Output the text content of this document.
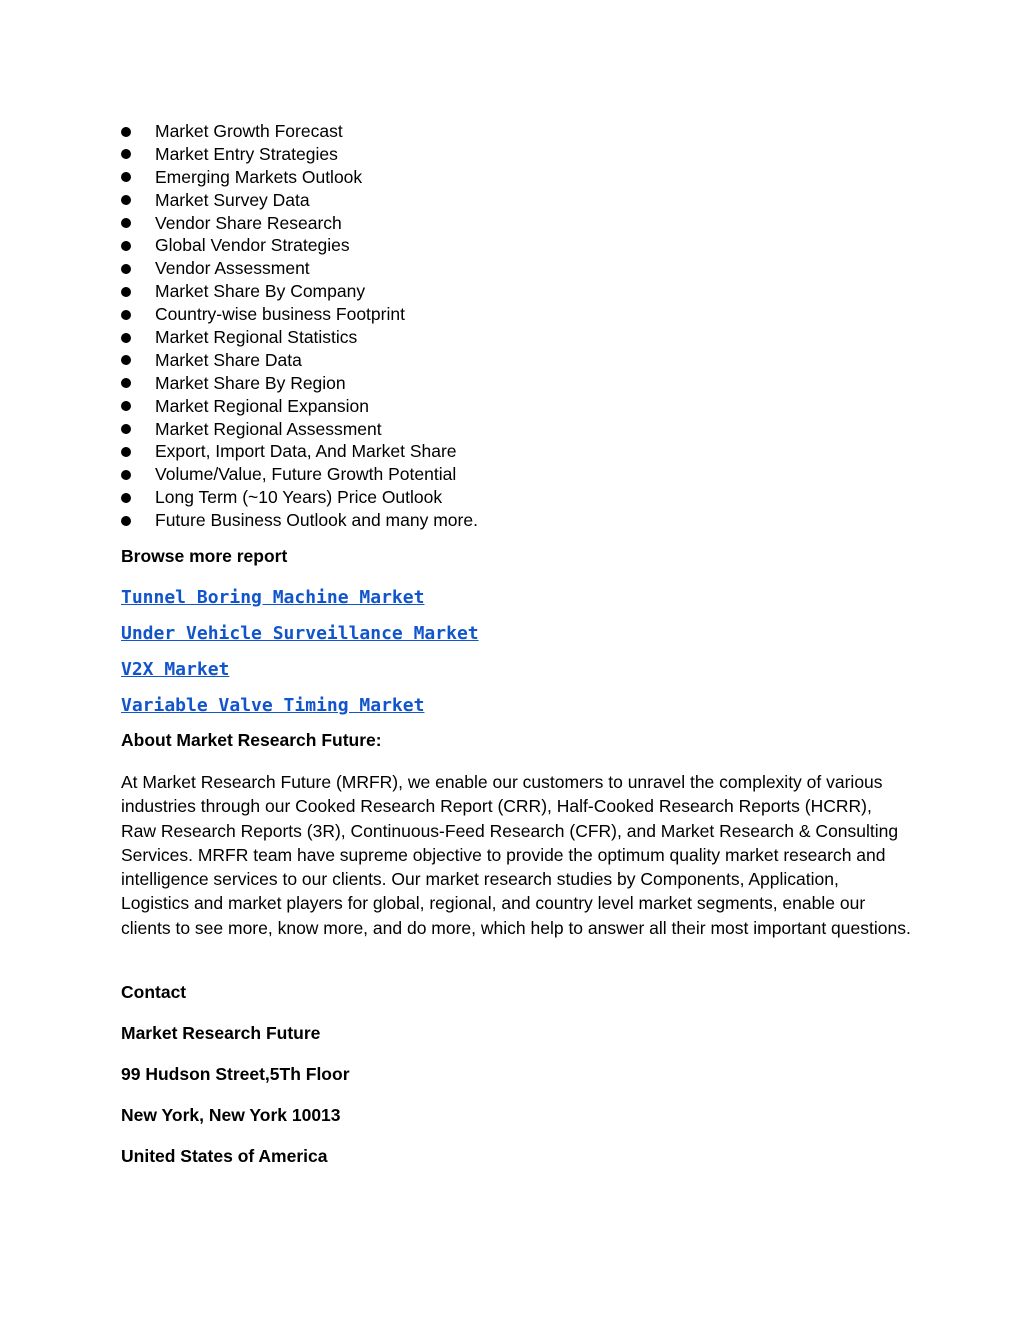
Market Growth Forecast
Market Entry Strategies
Emerging Markets Outlook
Market Survey Data
Vendor Share Research
Global Vendor Strategies
Vendor Assessment
Market Share By Company
Country-wise business Footprint
Market Regional Statistics
Market Share Data
Market Share By Region
Market Regional Expansion
Market Regional Assessment
Export, Import Data, And Market Share
Volume/Value, Future Growth Potential
Long Term (~10 Years) Price Outlook
Future Business Outlook and many more.
Browse more report
Tunnel Boring Machine Market
Under Vehicle Surveillance Market
V2X Market
Variable Valve Timing Market
About Market Research Future:

At Market Research Future (MRFR), we enable our customers to unravel the complexity of various industries through our Cooked Research Report (CRR), Half-Cooked Research Reports (HCRR), Raw Research Reports (3R), Continuous-Feed Research (CFR), and Market Research & Consulting Services. MRFR team have supreme objective to provide the optimum quality market research and intelligence services to our clients. Our market research studies by Components, Application, Logistics and market players for global, regional, and country level market segments, enable our clients to see more, know more, and do more, which help to answer all their most important questions.

Contact
Market Research Future
99 Hudson Street,5Th Floor
New York, New York 10013
United States of America
